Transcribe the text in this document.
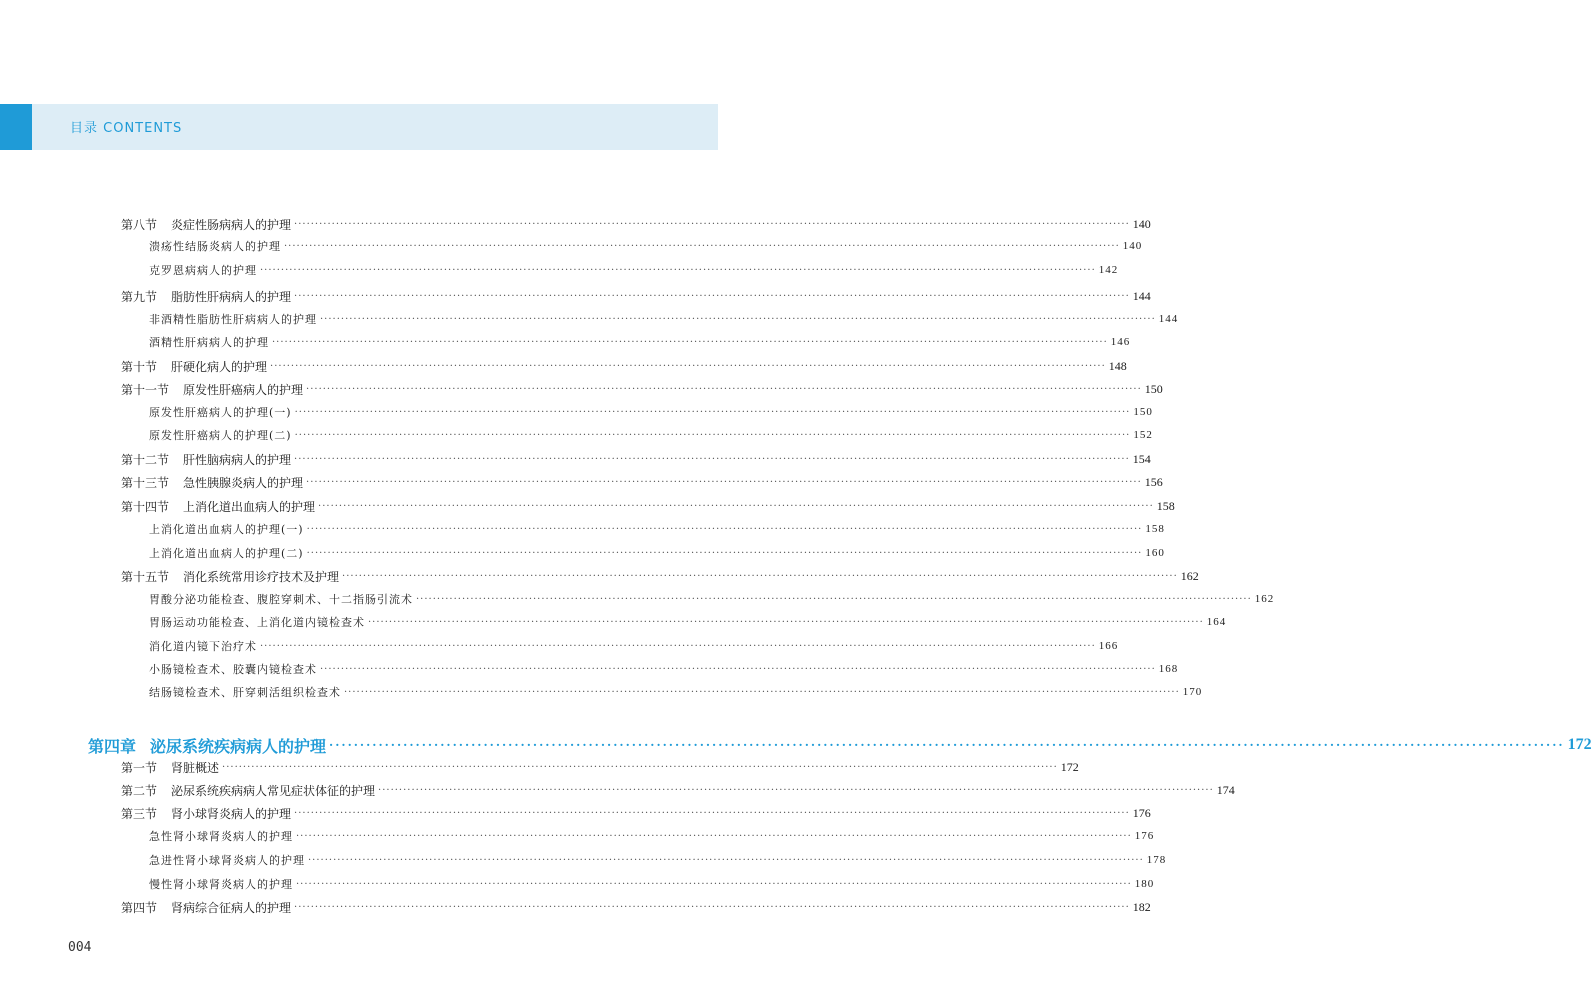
目录 CONTENTS
第八节 炎症性肠病病人的护理 ········································································································································································································ 140
溃疡性结肠炎病人的护理 ········································································································································································································ 140
克罗恩病病人的护理 ········································································································································································································ 142
第九节 脂肪性肝病病人的护理 ········································································································································································································ 144
非酒精性脂肪性肝病病人的护理 ········································································································································································································ 144
酒精性肝病病人的护理 ········································································································································································································ 146
第十节 肝硬化病人的护理 ········································································································································································································ 148
第十一节 原发性肝癌病人的护理 ········································································································································································································ 150
原发性肝癌病人的护理(一) ········································································································································································································ 150
原发性肝癌病人的护理(二) ········································································································································································································ 152
第十二节 肝性脑病病人的护理 ········································································································································································································ 154
第十三节 急性胰腺炎病人的护理 ········································································································································································································ 156
第十四节 上消化道出血病人的护理 ········································································································································································································ 158
上消化道出血病人的护理(一) ········································································································································································································ 158
上消化道出血病人的护理(二) ········································································································································································································ 160
第十五节 消化系统常用诊疗技术及护理 ········································································································································································································ 162
胃酸分泌功能检查、腹腔穿刺术、十二指肠引流术 ········································································································································································································ 162
胃肠运动功能检查、上消化道内镜检查术 ········································································································································································································ 164
消化道内镜下治疗术 ········································································································································································································ 166
小肠镜检查术、胶囊内镜检查术 ········································································································································································································ 168
结肠镜检查术、肝穿刺活组织检查术 ········································································································································································································ 170
第四章 泌尿系统疾病病人的护理 ········································································································································································································ 172
第一节 肾脏概述 ········································································································································································································ 172
第二节 泌尿系统疾病病人常见症状体征的护理 ········································································································································································································ 174
第三节 肾小球肾炎病人的护理 ········································································································································································································ 176
急性肾小球肾炎病人的护理 ········································································································································································································ 176
急进性肾小球肾炎病人的护理 ········································································································································································································ 178
慢性肾小球肾炎病人的护理 ········································································································································································································ 180
第四节 肾病综合征病人的护理 ········································································································································································································ 182
004
